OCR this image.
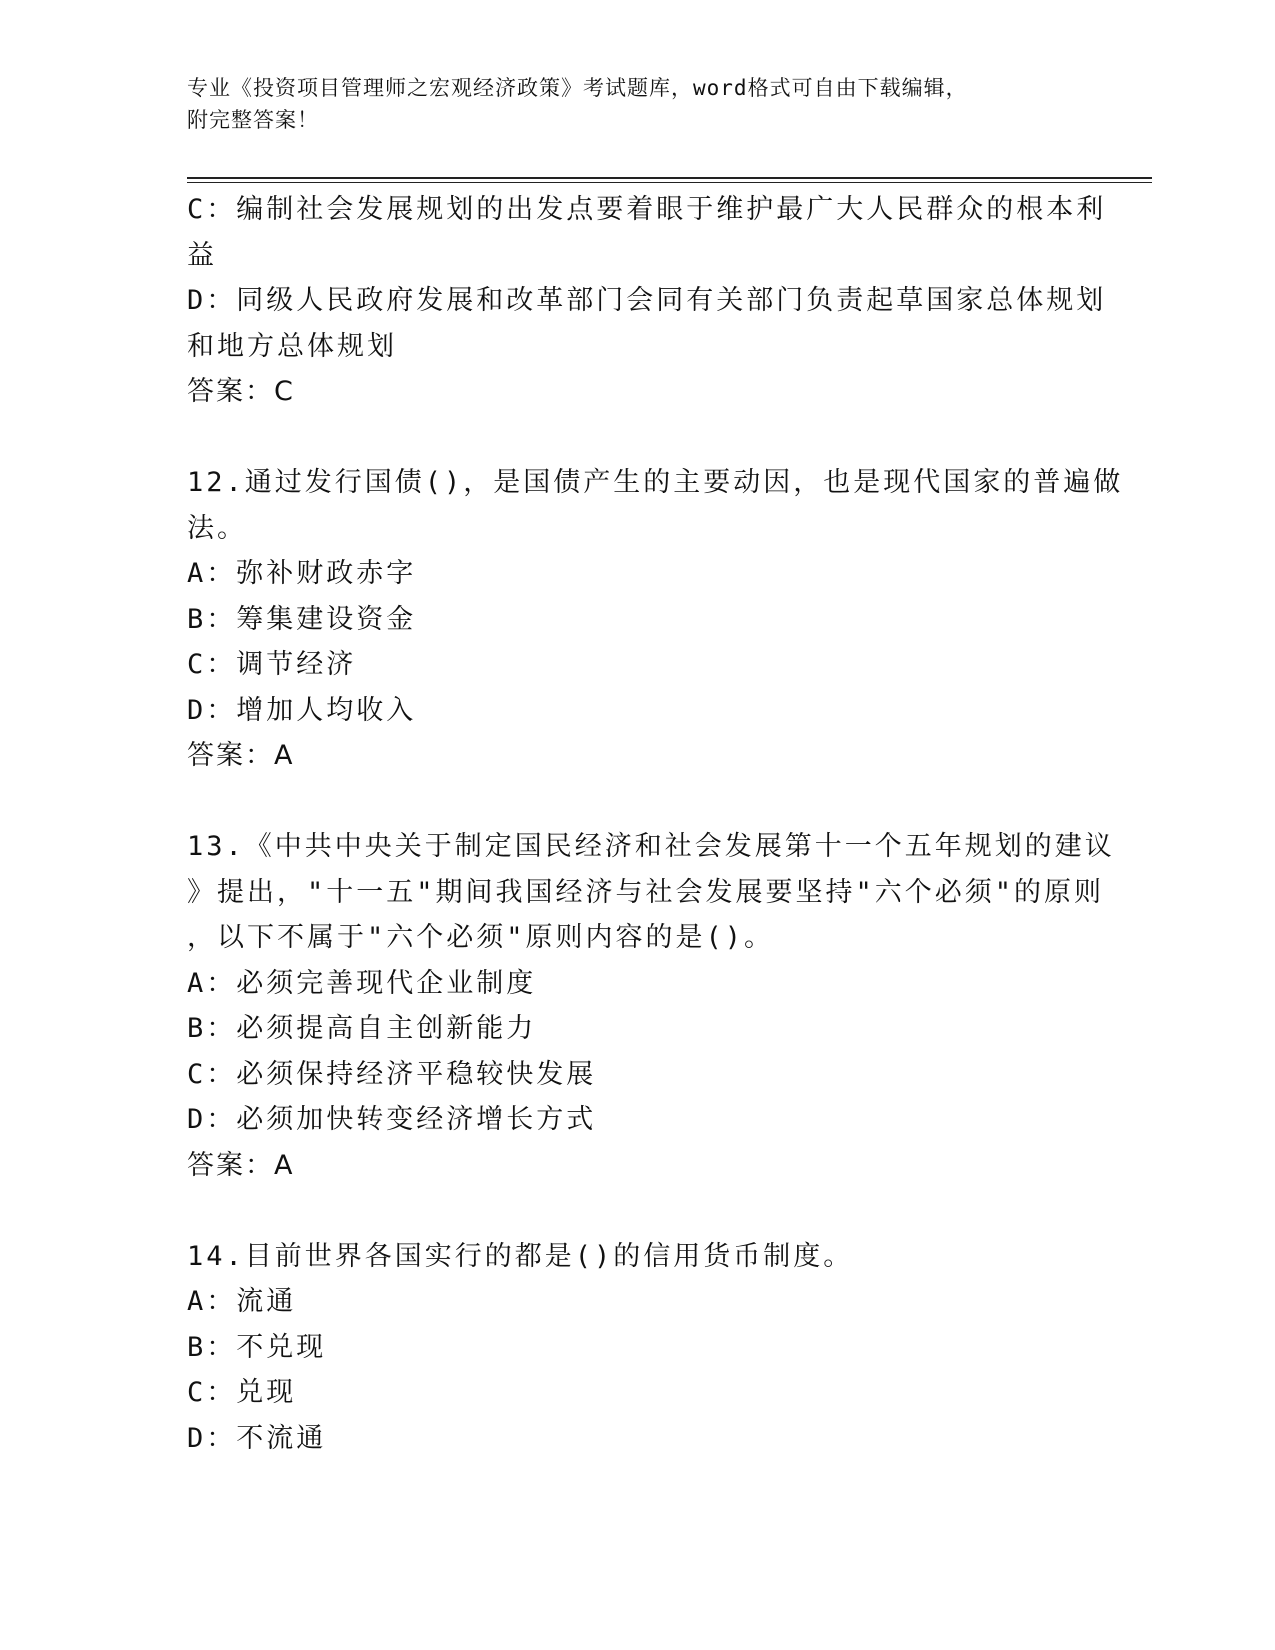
专业《投资项目管理师之宏观经济政策》考试题库，word格式可自由下载编辑，
附完整答案！
C：编制社会发展规划的出发点要着眼于维护最广大人民群众的根本利
益
D：同级人民政府发展和改革部门会同有关部门负责起草国家总体规划
和地方总体规划
答案：C
12.通过发行国债()，是国债产生的主要动因，也是现代国家的普遍做
法。
A：弥补财政赤字
B：筹集建设资金
C：调节经济
D：增加人均收入
答案：A
13.《中共中央关于制定国民经济和社会发展第十一个五年规划的建议
》提出，"十一五"期间我国经济与社会发展要坚持"六个必须"的原则
，以下不属于"六个必须"原则内容的是()。
A：必须完善现代企业制度
B：必须提高自主创新能力
C：必须保持经济平稳较快发展
D：必须加快转变经济增长方式
答案：A
14.目前世界各国实行的都是()的信用货币制度。
A：流通
B：不兑现
C：兑现
D：不流通
